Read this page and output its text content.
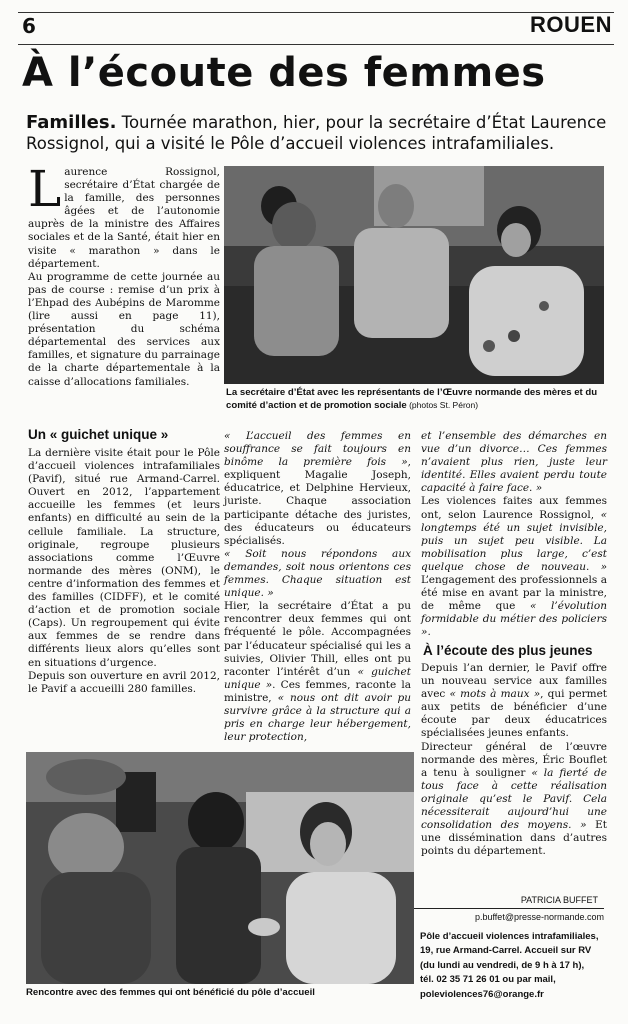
6	ROUEN
À l’écoute des femmes

Familles. Tournée marathon, hier, pour la secrétaire d’État Laurence Rossignol, qui a visité le Pôle d’accueil violences intrafamiliales.

Laurence Rossignol, secrétaire d’État chargée de la famille, des personnes âgées et de l’autonomie auprès de la ministre des Affaires sociales et de la Santé, était hier en visite « marathon » dans le département.

Au programme de cette journée au pas de course : remise d’un prix à l’Ehpad des Aubépins de Maromme (lire aussi en page 11), présentation du schéma départemental des services aux familles, et signature du parrainage de la charte départementale à la caisse d’allocations familiales.

La secrétaire d’État avec les représentants de l’Œuvre normande des mères et du comité d’action et de promotion sociale (photos St. Péron)

Un « guichet unique »

La dernière visite était pour le Pôle d’accueil violences intrafamiliales (Pavif), situé rue Armand-Carrel. Ouvert en 2012, l’appartement accueille les femmes (et leurs enfants) en difficulté au sein de la cellule familiale. La structure, originale, regroupe plusieurs associations comme l’Œuvre normande des mères (ONM), le centre d’information des femmes et des familles (CIDFF), et le comité d’action et de promotion sociale (Caps). Un regroupement qui évite aux femmes de se rendre dans différents lieux alors qu’elles sont en situations d’urgence.

Depuis son ouverture en avril 2012, le Pavif a accueilli 280 familles.

« L’accueil des femmes en souffrance se fait toujours en binôme la première fois », expliquent Magalie Joseph, éducatrice, et Delphine Hervieux, juriste. Chaque association participante détache des juristes, des éducateurs ou éducateurs spécialisés.

« Soit nous répondons aux demandes, soit nous orientons ces femmes. Chaque situation est unique. »

Hier, la secrétaire d’État a pu rencontrer deux femmes qui ont fréquenté le pôle. Accompagnées par l’éducateur spécialisé qui les a suivies, Olivier Thill, elles ont pu raconter l’intérêt d’un « guichet unique ». Ces femmes, raconte la ministre, « nous ont dit avoir pu survivre grâce à la structure qui a pris en charge leur hébergement, leur protection,

et l’ensemble des démarches en vue d’un divorce… Ces femmes n’avaient plus rien, juste leur identité. Elles avaient perdu toute capacité à faire face. »

Les violences faites aux femmes ont, selon Laurence Rossignol, « longtemps été un sujet invisible, puis un sujet peu visible. La mobilisation plus large, c’est quelque chose de nouveau. » L’engagement des professionnels a été mise en avant par la ministre, de même que « l’évolution formidable du métier des policiers ».

À l’écoute des plus jeunes

Depuis l’an dernier, le Pavif offre un nouveau service aux familles avec « mots à maux », qui permet aux petits de bénéficier d’une écoute par deux éducatrices spécialisées jeunes enfants.

Directeur général de l’œuvre normande des mères, Éric Bouflet a tenu à souligner « la fierté de tous face à cette réalisation originale qu’est le Pavif. Cela nécessiterait aujourd’hui une consolidation des moyens. » Et une dissémination dans d’autres points du département.

PATRICIA BUFFET

p.buffet@presse-normande.com

Pôle d’accueil violences intrafamiliales,
19, rue Armand-Carrel. Accueil sur RV
(du lundi au vendredi, de 9 h à 17 h),
tél. 02 35 71 26 01 ou par mail,
poleviolences76@orange.fr

Rencontre avec des femmes qui ont bénéficié du pôle d’accueil
